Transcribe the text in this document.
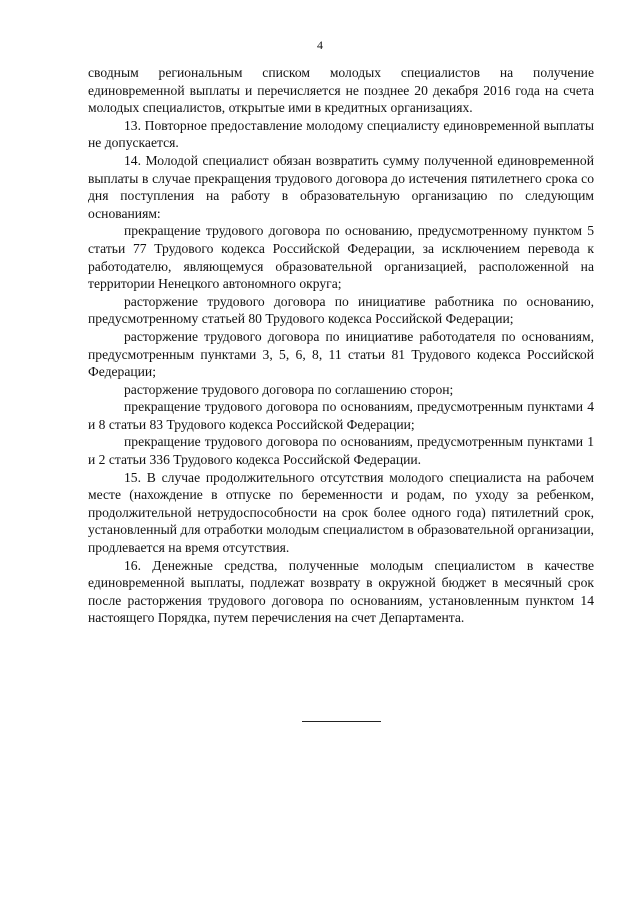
4

сводным региональным списком молодых специалистов на получение единовременной выплаты и перечисляется не позднее 20 декабря 2016 года на счета молодых специалистов, открытые ими в кредитных организациях.

13. Повторное предоставление молодому специалисту единовременной выплаты не допускается.

14. Молодой специалист обязан возвратить сумму полученной единовременной выплаты в случае прекращения трудового договора до истечения пятилетнего срока со дня поступления на работу в образовательную организацию по следующим основаниям:

прекращение трудового договора по основанию, предусмотренному пунктом 5 статьи 77 Трудового кодекса Российской Федерации, за исключением перевода к работодателю, являющемуся образовательной организацией, расположенной на территории Ненецкого автономного округа;

расторжение трудового договора по инициативе работника по основанию, предусмотренному статьей 80 Трудового кодекса Российской Федерации;

расторжение трудового договора по инициативе работодателя по основаниям, предусмотренным пунктами 3, 5, 6, 8, 11 статьи 81 Трудового кодекса Российской Федерации;

расторжение трудового договора по соглашению сторон;

прекращение трудового договора по основаниям, предусмотренным пунктами 4 и 8 статьи 83 Трудового кодекса Российской Федерации;

прекращение трудового договора по основаниям, предусмотренным пунктами 1 и 2 статьи 336 Трудового кодекса Российской Федерации.

15. В случае продолжительного отсутствия молодого специалиста на рабочем месте (нахождение в отпуске по беременности и родам, по уходу за ребенком, продолжительной нетрудоспособности на срок более одного года) пятилетний срок, установленный для отработки молодым специалистом в образовательной организации, продлевается на время отсутствия.

16. Денежные средства, полученные молодым специалистом в качестве единовременной выплаты, подлежат возврату в окружной бюджет в месячный срок после расторжения трудового договора по основаниям, установленным пунктом 14 настоящего Порядка, путем перечисления на счет Департамента.
